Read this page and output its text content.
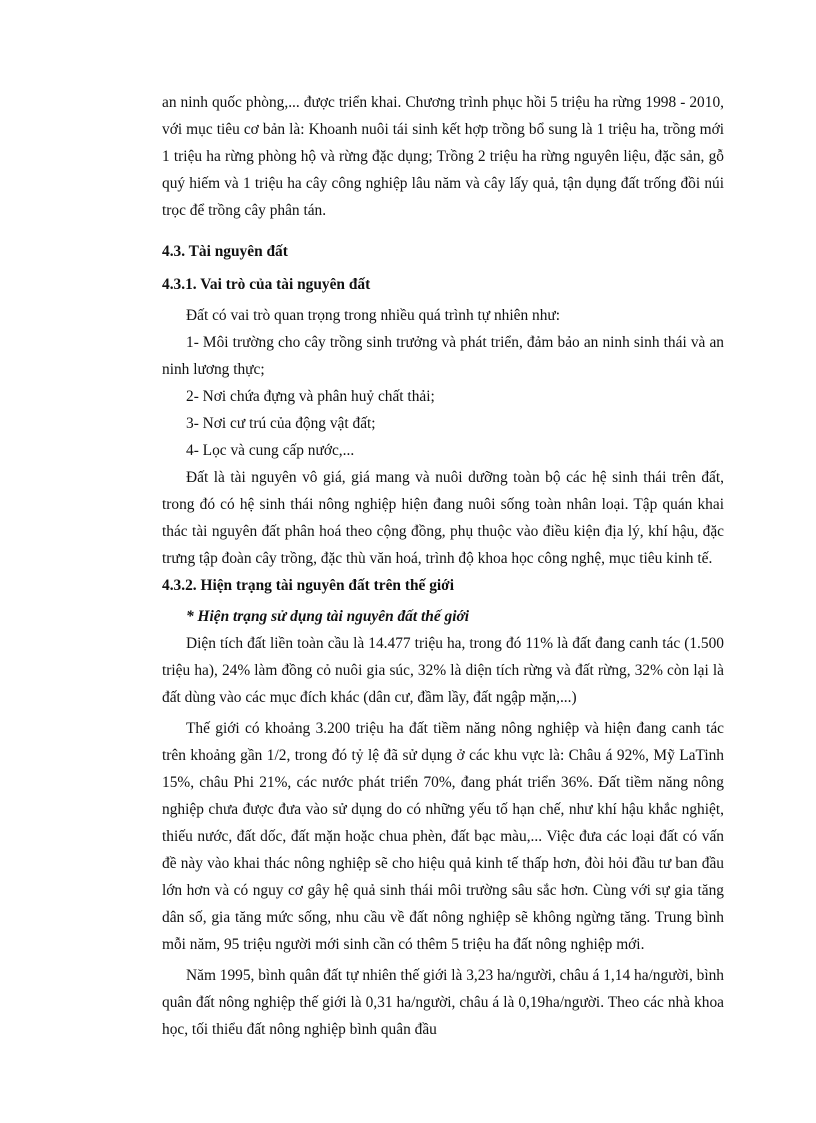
an ninh quốc phòng,... được triển khai. Chương trình phục hồi 5 triệu ha rừng 1998 - 2010, với mục tiêu cơ bản là: Khoanh nuôi tái sinh kết hợp trồng bổ sung là 1 triệu ha, trồng mới 1 triệu ha rừng phòng hộ và rừng đặc dụng; Trồng 2 triệu ha rừng nguyên liệu, đặc sản, gỗ quý hiếm và 1 triệu ha cây công nghiệp lâu năm và cây lấy quả, tận dụng đất trống đồi núi trọc để trồng cây phân tán.

4.3. Tài nguyên đất
4.3.1. Vai trò của tài nguyên đất

Đất có vai trò quan trọng trong nhiều quá trình tự nhiên như:

1- Môi trường cho cây trồng sinh trưởng và phát triển, đảm bảo an ninh sinh thái và an ninh lương thực;

2- Nơi chứa đựng và phân huỷ chất thải;

3- Nơi cư trú của động vật đất;

4- Lọc và cung cấp nước,...

Đất là tài nguyên vô giá, giá mang và nuôi dưỡng toàn bộ các hệ sinh thái trên đất, trong đó có hệ sinh thái nông nghiệp hiện đang nuôi sống toàn nhân loại. Tập quán khai thác tài nguyên đất phân hoá theo cộng đồng, phụ thuộc vào điều kiện địa lý, khí hậu, đặc trưng tập đoàn cây trồng, đặc thù văn hoá, trình độ khoa học công nghệ, mục tiêu kinh tế.

4.3.2. Hiện trạng tài nguyên đất trên thế giới

* Hiện trạng sử dụng tài nguyên đất thế giới

Diện tích đất liền toàn cầu là 14.477 triệu ha, trong đó 11% là đất đang canh tác (1.500 triệu ha), 24% làm đồng cỏ nuôi gia súc, 32% là diện tích rừng và đất rừng, 32% còn lại là đất dùng vào các mục đích khác (dân cư, đầm lầy, đất ngập mặn,...)

Thế giới có khoảng 3.200 triệu ha đất tiềm năng nông nghiệp và hiện đang canh tác trên khoảng gần 1/2, trong đó tỷ lệ đã sử dụng ở các khu vực là: Châu á 92%, Mỹ LaTinh 15%, châu Phi 21%, các nước phát triển 70%, đang phát triển 36%. Đất tiềm năng nông nghiệp chưa được đưa vào sử dụng do có những yếu tố hạn chế, như khí hậu khắc nghiệt, thiếu nước, đất dốc, đất mặn hoặc chua phèn, đất bạc màu,... Việc đưa các loại đất có vấn đề này vào khai thác nông nghiệp sẽ cho hiệu quả kinh tế thấp hơn, đòi hỏi đầu tư ban đầu lớn hơn và có nguy cơ gây hệ quả sinh thái môi trường sâu sắc hơn. Cùng với sự gia tăng dân số, gia tăng mức sống, nhu cầu về đất nông nghiệp sẽ không ngừng tăng. Trung bình mỗi năm, 95 triệu người mới sinh cần có thêm 5 triệu ha đất nông nghiệp mới.

Năm 1995, bình quân đất tự nhiên thế giới là 3,23 ha/người, châu á 1,14 ha/người, bình quân đất nông nghiệp thế giới là 0,31 ha/người, châu á là 0,19ha/người. Theo các nhà khoa học, tối thiểu đất nông nghiệp bình quân đầu
